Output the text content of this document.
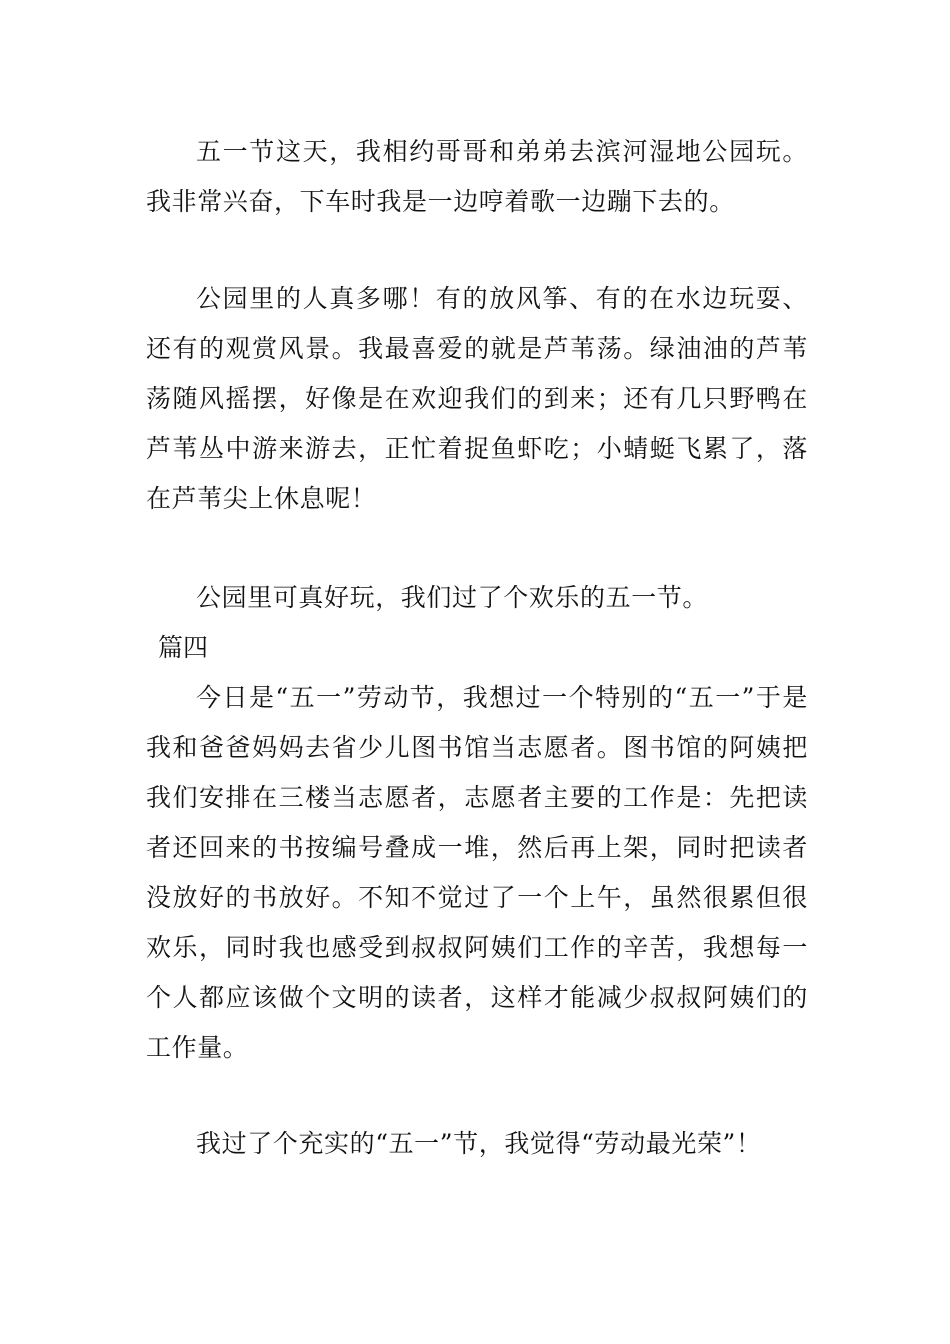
五一节这天，我相约哥哥和弟弟去滨河湿地公园玩。我非常兴奋，下车时我是一边哼着歌一边蹦下去的。

公园里的人真多哪！有的放风筝、有的在水边玩耍、还有的观赏风景。我最喜爱的就是芦苇荡。绿油油的芦苇荡随风摇摆，好像是在欢迎我们的到来；还有几只野鸭在芦苇丛中游来游去，正忙着捉鱼虾吃；小蜻蜓飞累了，落在芦苇尖上休息呢！

公园里可真好玩，我们过了个欢乐的五一节。

篇四

今日是“五一”劳动节，我想过一个特别的“五一”于是我和爸爸妈妈去省少儿图书馆当志愿者。图书馆的阿姨把我们安排在三楼当志愿者，志愿者主要的工作是：先把读者还回来的书按编号叠成一堆，然后再上架，同时把读者没放好的书放好。不知不觉过了一个上午，虽然很累但很欢乐，同时我也感受到叔叔阿姨们工作的辛苦，我想每一个人都应该做个文明的读者，这样才能减少叔叔阿姨们的工作量。

我过了个充实的“五一”节，我觉得“劳动最光荣”！
